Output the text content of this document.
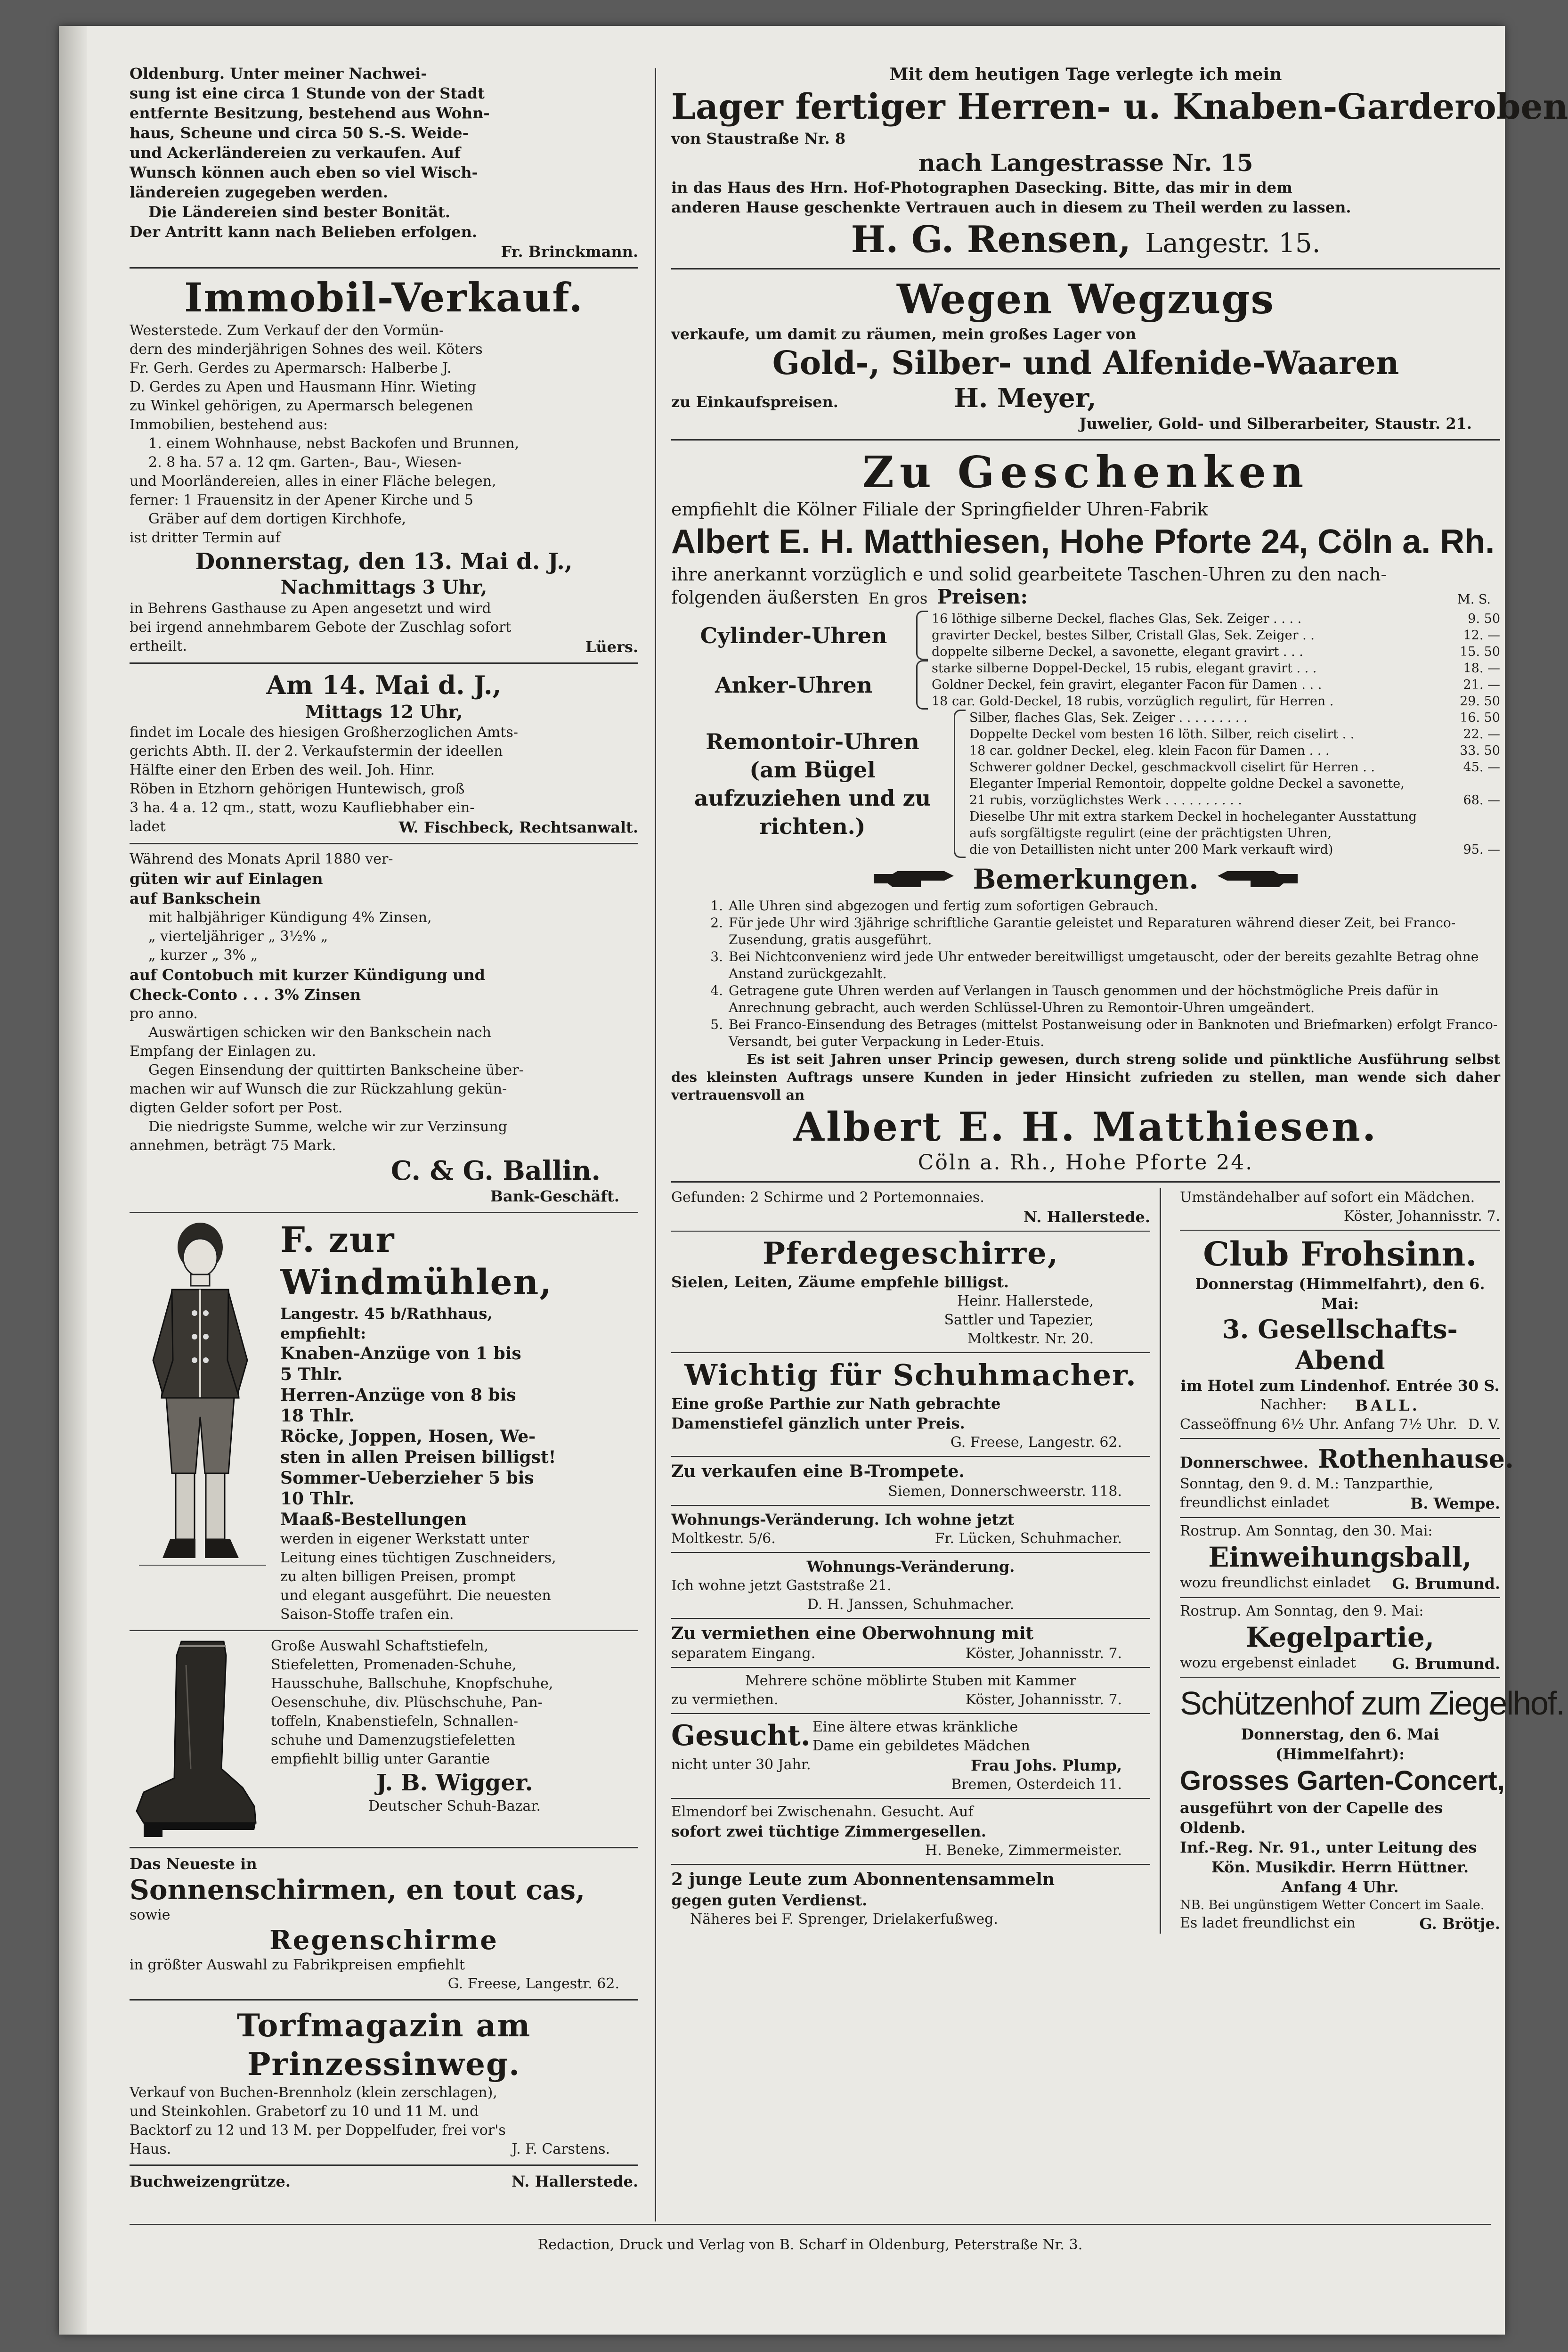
Oldenburg. Unter meiner Nachwei-

sung ist eine circa 1 Stunde von der Stadt

entfernte Besitzung, bestehend aus Wohn-

haus, Scheune und circa 50 S.-S. Weide-

und Ackerländereien zu verkaufen. Auf

Wunsch können auch eben so viel Wisch-

ländereien zugegeben werden.

Die Ländereien sind bester Bonität.

Der Antritt kann nach Belieben erfolgen.

Fr. Brinckmann.

Immobil-Verkauf.

Westerstede. Zum Verkauf der den Vormün-

dern des minderjährigen Sohnes des weil. Köters

Fr. Gerh. Gerdes zu Apermarsch: Halberbe J.

D. Gerdes zu Apen und Hausmann Hinr. Wieting

zu Winkel gehörigen, zu Apermarsch belegenen

Immobilien, bestehend aus:

1. einem Wohnhause, nebst Backofen und Brunnen,

2. 8 ha. 57 a. 12 qm. Garten-, Bau-, Wiesen-

und Moorländereien, alles in einer Fläche belegen,

ferner: 1 Frauensitz in der Apener Kirche und 5

Gräber auf dem dortigen Kirchhofe,

ist dritter Termin auf

Donnerstag, den 13. Mai d. J.,

Nachmittags 3 Uhr,

in Behrens Gasthause zu Apen angesetzt und wird

bei irgend annehmbarem Gebote der Zuschlag sofort

ertheilt.	Lüers.

Am 14. Mai d. J.,

Mittags 12 Uhr,

findet im Locale des hiesigen Großherzoglichen Amts-

gerichts Abth. II. der 2. Verkaufstermin der ideellen

Hälfte einer den Erben des weil. Joh. Hinr.

Röben in Etzhorn gehörigen Huntewisch, groß

3 ha. 4 a. 12 qm., statt, wozu Kaufliebhaber ein-

ladet	W. Fischbeck, Rechtsanwalt.

Während des Monats April 1880 ver-

güten wir auf Einlagen

auf Bankschein

mit halbjähriger Kündigung 4% Zinsen,

„ vierteljähriger „ 3½% „

„ kurzer „ 3% „

auf Contobuch mit kurzer Kündigung und

Check-Conto . . . 3% Zinsen

pro anno.

Auswärtigen schicken wir den Bankschein nach

Empfang der Einlagen zu.

Gegen Einsendung der quittirten Bankscheine über-

machen wir auf Wunsch die zur Rückzahlung gekün-

digten Gelder sofort per Post.

Die niedrigste Summe, welche wir zur Verzinsung

annehmen, beträgt 75 Mark.

C. & G. Ballin.

Bank-Geschäft.

F. zur Windmühlen,

Langestr. 45 b/Rathhaus,

empfiehlt:

Knaben-Anzüge von 1 bis

5 Thlr.

Herren-Anzüge von 8 bis

18 Thlr.

Röcke, Joppen, Hosen, We-

sten in allen Preisen billigst!

Sommer-Ueberzieher 5 bis

10 Thlr.

Maaß-Bestellungen

werden in eigener Werkstatt unter

Leitung eines tüchtigen Zuschneiders,

zu alten billigen Preisen, prompt

und elegant ausgeführt. Die neuesten

Saison-Stoffe trafen ein.

Große Auswahl Schaftstiefeln,

Stiefeletten, Promenaden-Schuhe,

Hausschuhe, Ballschuhe, Knopfschuhe,

Oesenschuhe, div. Plüschschuhe, Pan-

toffeln, Knabenstiefeln, Schnallen-

schuhe und Damenzugstiefeletten

empfiehlt billig unter Garantie

J. B. Wigger.

Deutscher Schuh-Bazar.

Das Neueste in

Sonnenschirmen, en tout cas,

sowie

Regenschirme

in größter Auswahl zu Fabrikpreisen empfiehlt

G. Freese, Langestr. 62.

Torfmagazin am Prinzessinweg.

Verkauf von Buchen-Brennholz (klein zerschlagen),

und Steinkohlen. Grabetorf zu 10 und 11 M. und

Backtorf zu 12 und 13 M. per Doppelfuder, frei vor's

Haus.	J. F. Carstens.

Buchweizengrütze.	N. Hallerstede.

Mit dem heutigen Tage verlegte ich mein

Lager fertiger Herren- u. Knaben-Garderoben

von Staustraße Nr. 8

nach Langestrasse Nr. 15

in das Haus des Hrn. Hof-Photographen Dasecking. Bitte, das mir in dem

anderen Hause geschenkte Vertrauen auch in diesem zu Theil werden zu lassen.

H. G. Rensen, Langestr. 15.

Wegen Wegzugs

verkaufe, um damit zu räumen, mein großes Lager von

Gold-, Silber- und Alfenide-Waaren

zu Einkaufspreisen.	H. Meyer,

Juwelier, Gold- und Silberarbeiter, Staustr. 21.

Zu Geschenken

empfiehlt die Kölner Filiale der Springfielder Uhren-Fabrik

Albert E. H. Matthiesen, Hohe Pforte 24, Cöln a. Rh.

ihre anerkannt vorzüglich e und solid gearbeitete Taschen-Uhren zu den nach-

folgenden äußersten En gros Preisen:	M. S.

Cylinder-Uhren
16 löthige silberne Deckel, flaches Glas, Sek. Zeiger . . . .	9. 50
gravirter Deckel, bestes Silber, Cristall Glas, Sek. Zeiger . .	12. —
doppelte silberne Deckel, a savonette, elegant gravirt . . .	15. 50
Anker-Uhren
starke silberne Doppel-Deckel, 15 rubis, elegant gravirt . . .	18. —
Goldner Deckel, fein gravirt, eleganter Facon für Damen . . .	21. —
18 car. Gold-Deckel, 18 rubis, vorzüglich regulirt, für Herren .	29. 50
Remontoir-Uhren (am Bügel aufzuziehen und zu richten.)
Silber, flaches Glas, Sek. Zeiger . . . . . . . . .	16. 50
Doppelte Deckel vom besten 16 löth. Silber, reich ciselirt . .	22. —
18 car. goldner Deckel, eleg. klein Facon für Damen . . .	33. 50
Schwerer goldner Deckel, geschmackvoll ciselirt für Herren . .	45. —
Eleganter Imperial Remontoir, doppelte goldne Deckel a savonette,
21 rubis, vorzüglichstes Werk . . . . . . . . . .	68. —
Dieselbe Uhr mit extra starkem Deckel in hocheleganter Ausstattung
aufs sorgfältigste regulirt (eine der prächtigsten Uhren,
die von Detaillisten nicht unter 200 Mark verkauft wird)	95. —

Bemerkungen.

1. Alle Uhren sind abgezogen und fertig zum sofortigen Gebrauch.
2. Für jede Uhr wird 3jährige schriftliche Garantie geleistet und Reparaturen während dieser Zeit, bei Franco-Zusendung, gratis ausgeführt.
3. Bei Nichtconvenienz wird jede Uhr entweder bereitwilligst umgetauscht, oder der bereits gezahlte Betrag ohne Anstand zurückgezahlt.
4. Getragene gute Uhren werden auf Verlangen in Tausch genommen und der höchstmögliche Preis dafür in Anrechnung gebracht, auch werden Schlüssel-Uhren zu Remontoir-Uhren umgeändert.
5. Bei Franco-Einsendung des Betrages (mittelst Postanweisung oder in Banknoten und Briefmarken) erfolgt Franco-Versandt, bei guter Verpackung in Leder-Etuis.

Es ist seit Jahren unser Princip gewesen, durch streng solide und pünktliche Ausführung selbst des kleinsten Auftrags unsere Kunden in jeder Hinsicht zufrieden zu stellen, man wende sich daher vertrauensvoll an

Albert E. H. Matthiesen.

Cöln a. Rh., Hohe Pforte 24.

Gefunden: 2 Schirme und 2 Portemonnaies.

N. Hallerstede.

Pferdegeschirre,

Sielen, Leiten, Zäume empfehle billigst.

Heinr. Hallerstede,

Sattler und Tapezier,

Moltkestr. Nr. 20.

Wichtig für Schuhmacher.

Eine große Parthie zur Nath gebrachte

Damenstiefel gänzlich unter Preis.

G. Freese, Langestr. 62.

Zu verkaufen eine B-Trompete.

Siemen, Donnerschweerstr. 118.

Wohnungs-Veränderung. Ich wohne jetzt

Moltkestr. 5/6.	Fr. Lücken, Schuhmacher.

Wohnungs-Veränderung.

Ich wohne jetzt Gaststraße 21.

D. H. Janssen, Schuhmacher.

Zu vermiethen eine Oberwohnung mit

separatem Eingang.	Köster, Johannisstr. 7.

Mehrere schöne möblirte Stuben mit Kammer

zu vermiethen.	Köster, Johannisstr. 7.

Gesucht. Eine ältere etwas kränkliche

Dame ein gebildetes Mädchen

nicht unter 30 Jahr.	Frau Johs. Plump,

Bremen, Osterdeich 11.

Elmendorf bei Zwischenahn. Gesucht. Auf

sofort zwei tüchtige Zimmergesellen.

H. Beneke, Zimmermeister.

2 junge Leute zum Abonnentensammeln

gegen guten Verdienst.

Näheres bei F. Sprenger, Drielakerfußweg.

Umständehalber auf sofort ein Mädchen.

Köster, Johannisstr. 7.

Club Frohsinn.

Donnerstag (Himmelfahrt), den 6. Mai:

3. Gesellschafts-Abend

im Hotel zum Lindenhof. Entrée 30 S.

Nachher: BALL.

Casseöffnung 6½ Uhr. Anfang 7½ Uhr. D. V.

Donnerschwee. Rothenhause.

Sonntag, den 9. d. M.: Tanzparthie,

freundlichst einladet	B. Wempe.

Rostrup. Am Sonntag, den 30. Mai:

Einweihungsball,

wozu freundlichst einladet G. Brumund.

Rostrup. Am Sonntag, den 9. Mai:

Kegelpartie,

wozu ergebenst einladet G. Brumund.

Schützenhof zum Ziegelhof.

Donnerstag, den 6. Mai (Himmelfahrt):

Grosses Garten-Concert,

ausgeführt von der Capelle des Oldenb.

Inf.-Reg. Nr. 91., unter Leitung des

Kön. Musikdir. Herrn Hüttner.

Anfang 4 Uhr.

NB. Bei ungünstigem Wetter Concert im Saale.

Es ladet freundlichst ein	G. Brötje.

Redaction, Druck und Verlag von B. Scharf in Oldenburg, Peterstraße Nr. 3.
